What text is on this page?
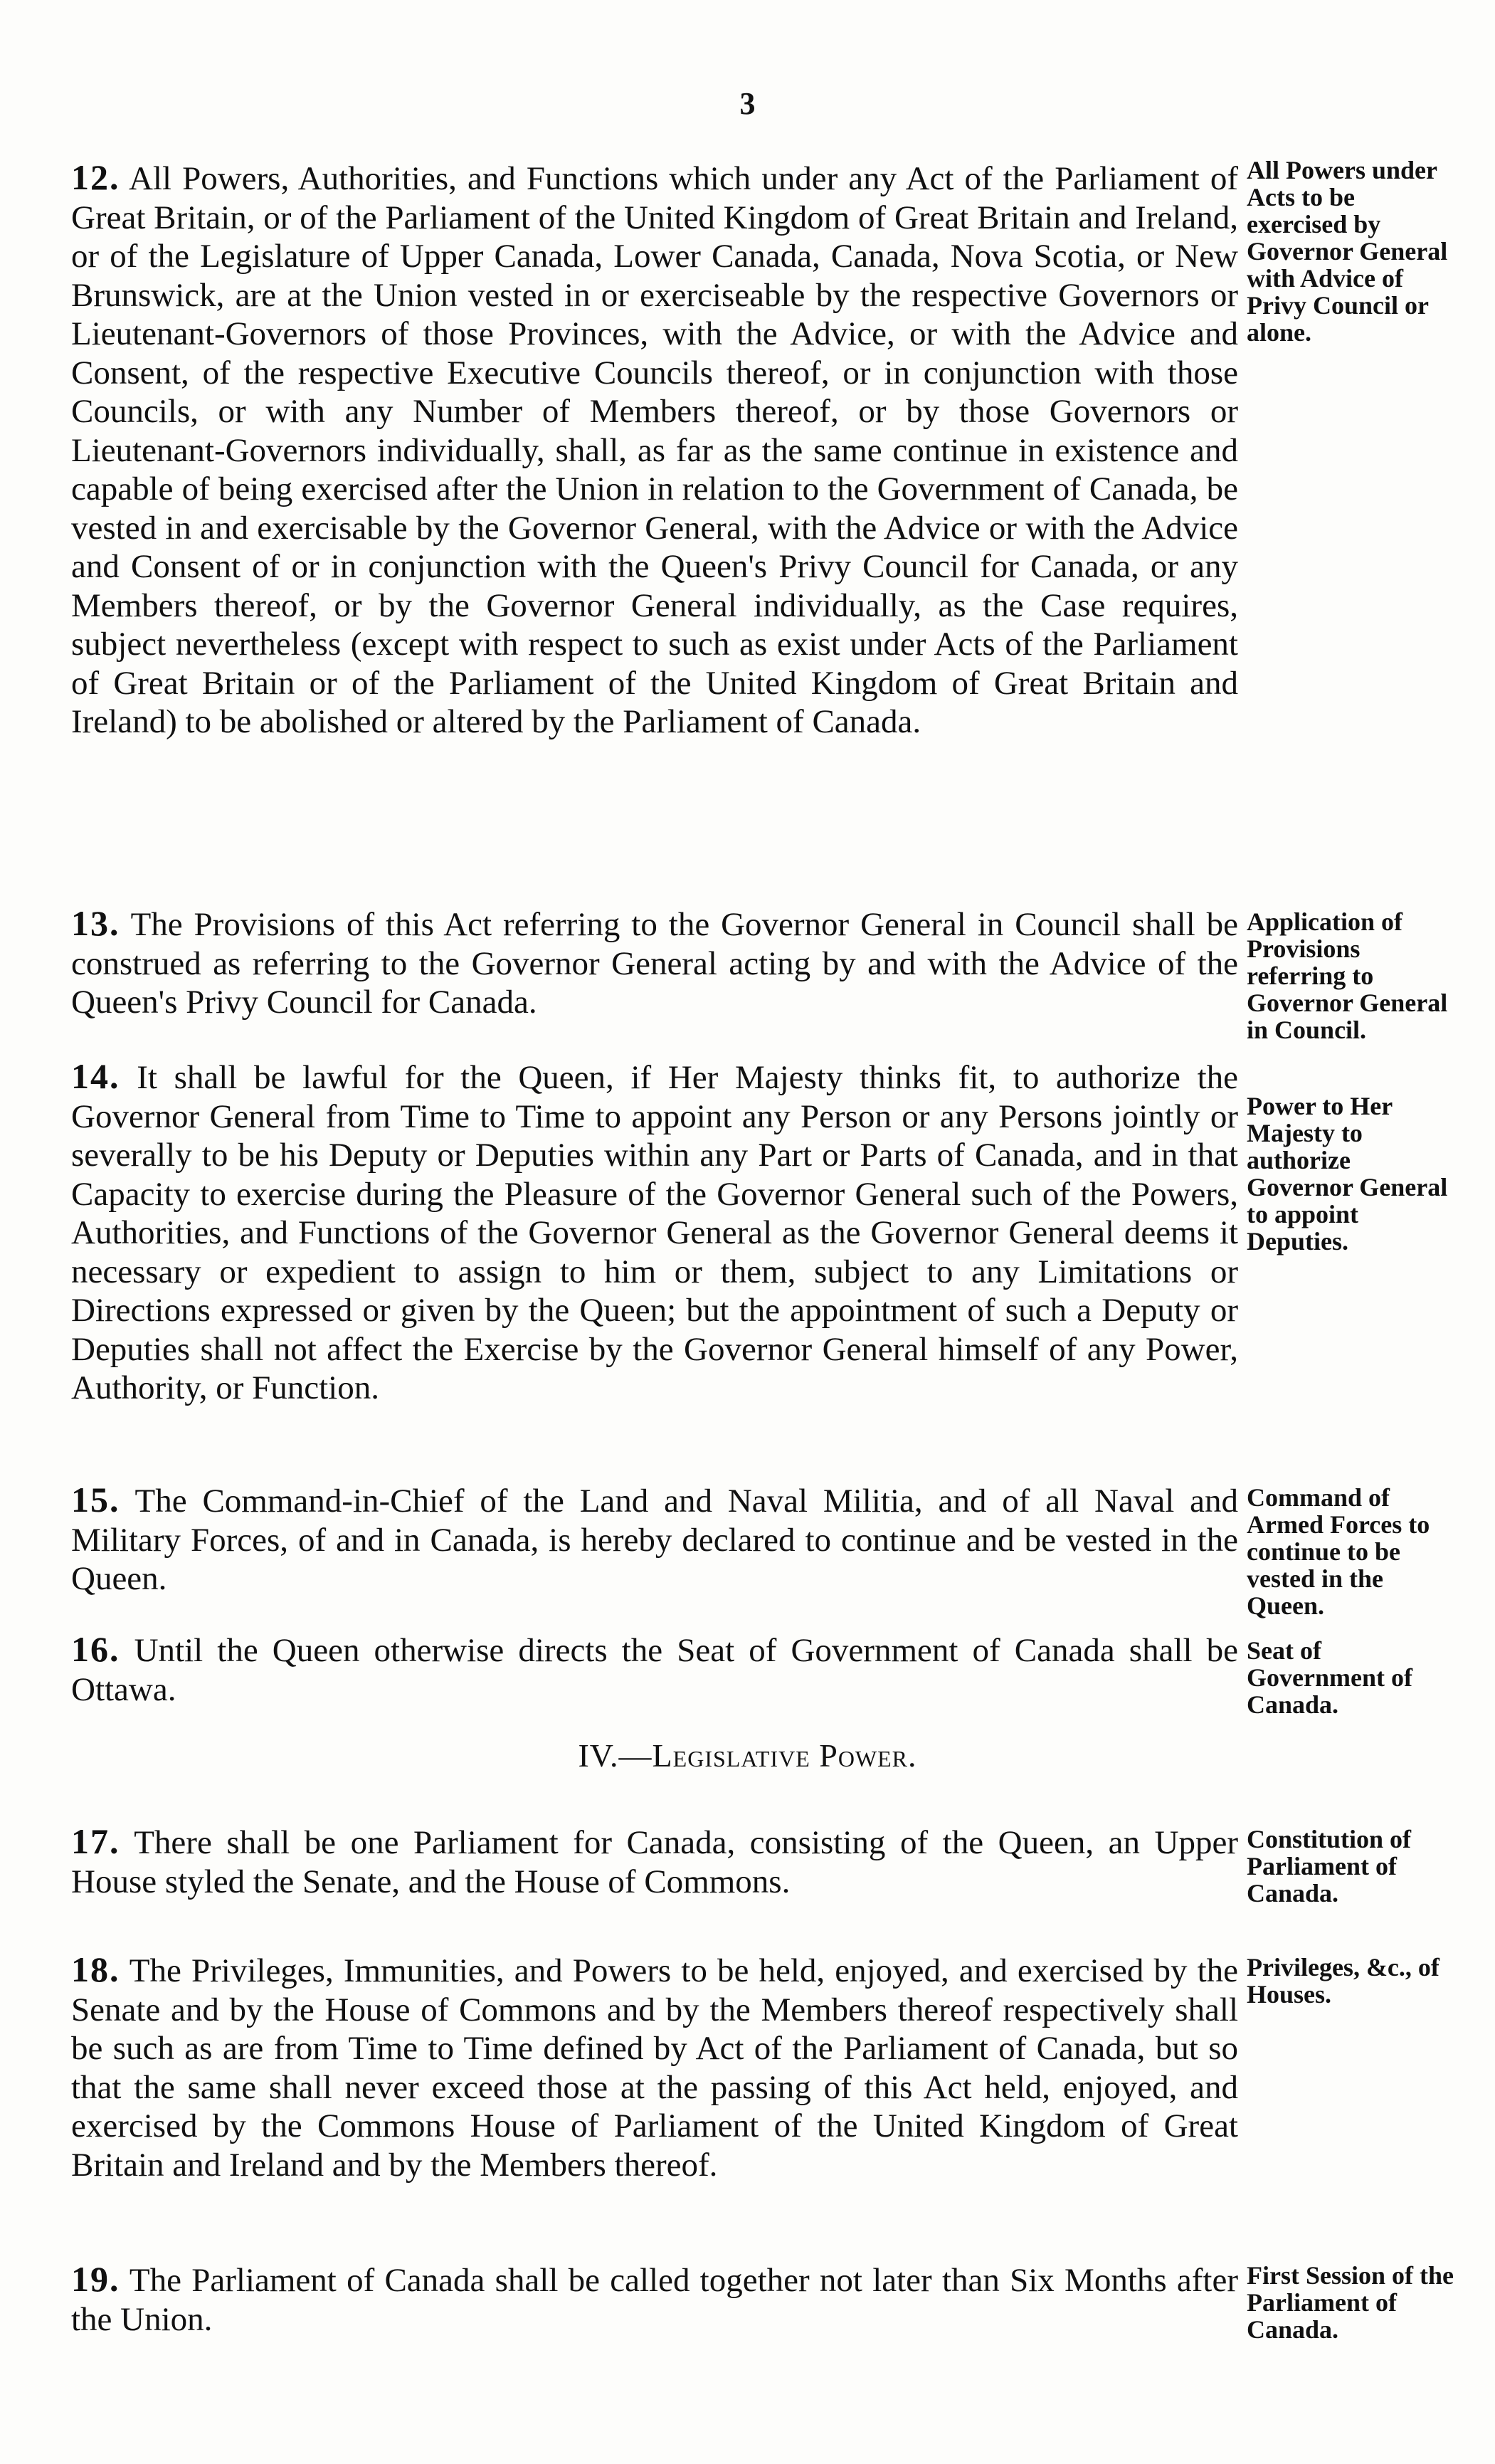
3
12. All Powers, Authorities, and Functions which under any Act of the Parliament of Great Britain, or of the Parliament of the United Kingdom of Great Britain and Ireland, or of the Legislature of Upper Canada, Lower Canada, Canada, Nova Scotia, or New Brunswick, are at the Union vested in or exerciseable by the respective Governors or Lieutenant-Governors of those Provinces, with the Advice, or with the Advice and Consent, of the respective Executive Councils thereof, or in conjunction with those Councils, or with any Number of Members thereof, or by those Governors or Lieutenant-Governors individually, shall, as far as the same continue in existence and capable of being exercised after the Union in relation to the Government of Canada, be vested in and exercisable by the Governor General, with the Advice or with the Advice and Consent of or in conjunction with the Queen's Privy Council for Canada, or any Members thereof, or by the Governor General individually, as the Case requires, subject nevertheless (except with respect to such as exist under Acts of the Parliament of Great Britain or of the Parliament of the United Kingdom of Great Britain and Ireland) to be abolished or altered by the Parliament of Canada.
All Powers under Acts to be exercised by Governor General with Advice of Privy Council or alone.
13. The Provisions of this Act referring to the Governor General in Council shall be construed as referring to the Governor General acting by and with the Advice of the Queen's Privy Council for Canada.
Application of Provisions referring to Governor General in Council.
14. It shall be lawful for the Queen, if Her Majesty thinks fit, to authorize the Governor General from Time to Time to appoint any Person or any Persons jointly or severally to be his Deputy or Deputies within any Part or Parts of Canada, and in that Capacity to exercise during the Pleasure of the Governor General such of the Powers, Authorities, and Functions of the Governor General as the Governor General deems it necessary or expedient to assign to him or them, subject to any Limitations or Directions expressed or given by the Queen; but the appointment of such a Deputy or Deputies shall not affect the Exercise by the Governor General himself of any Power, Authority, or Function.
Power to Her Majesty to authorize Governor General to appoint Deputies.
15. The Command-in-Chief of the Land and Naval Militia, and of all Naval and Military Forces, of and in Canada, is hereby declared to continue and be vested in the Queen.
Command of Armed Forces to continue to be vested in the Queen.
16. Until the Queen otherwise directs the Seat of Government of Canada shall be Ottawa.
Seat of Government of Canada.
IV.—Legislative Power.
17. There shall be one Parliament for Canada, consisting of the Queen, an Upper House styled the Senate, and the House of Commons.
Constitution of Parliament of Canada.
18. The Privileges, Immunities, and Powers to be held, enjoyed, and exercised by the Senate and by the House of Commons and by the Members thereof respectively shall be such as are from Time to Time defined by Act of the Parliament of Canada, but so that the same shall never exceed those at the passing of this Act held, enjoyed, and exercised by the Commons House of Parliament of the United Kingdom of Great Britain and Ireland and by the Members thereof.
Privileges, &c., of Houses.
19. The Parliament of Canada shall be called together not later than Six Months after the Union.
First Session of the Parliament of Canada.
